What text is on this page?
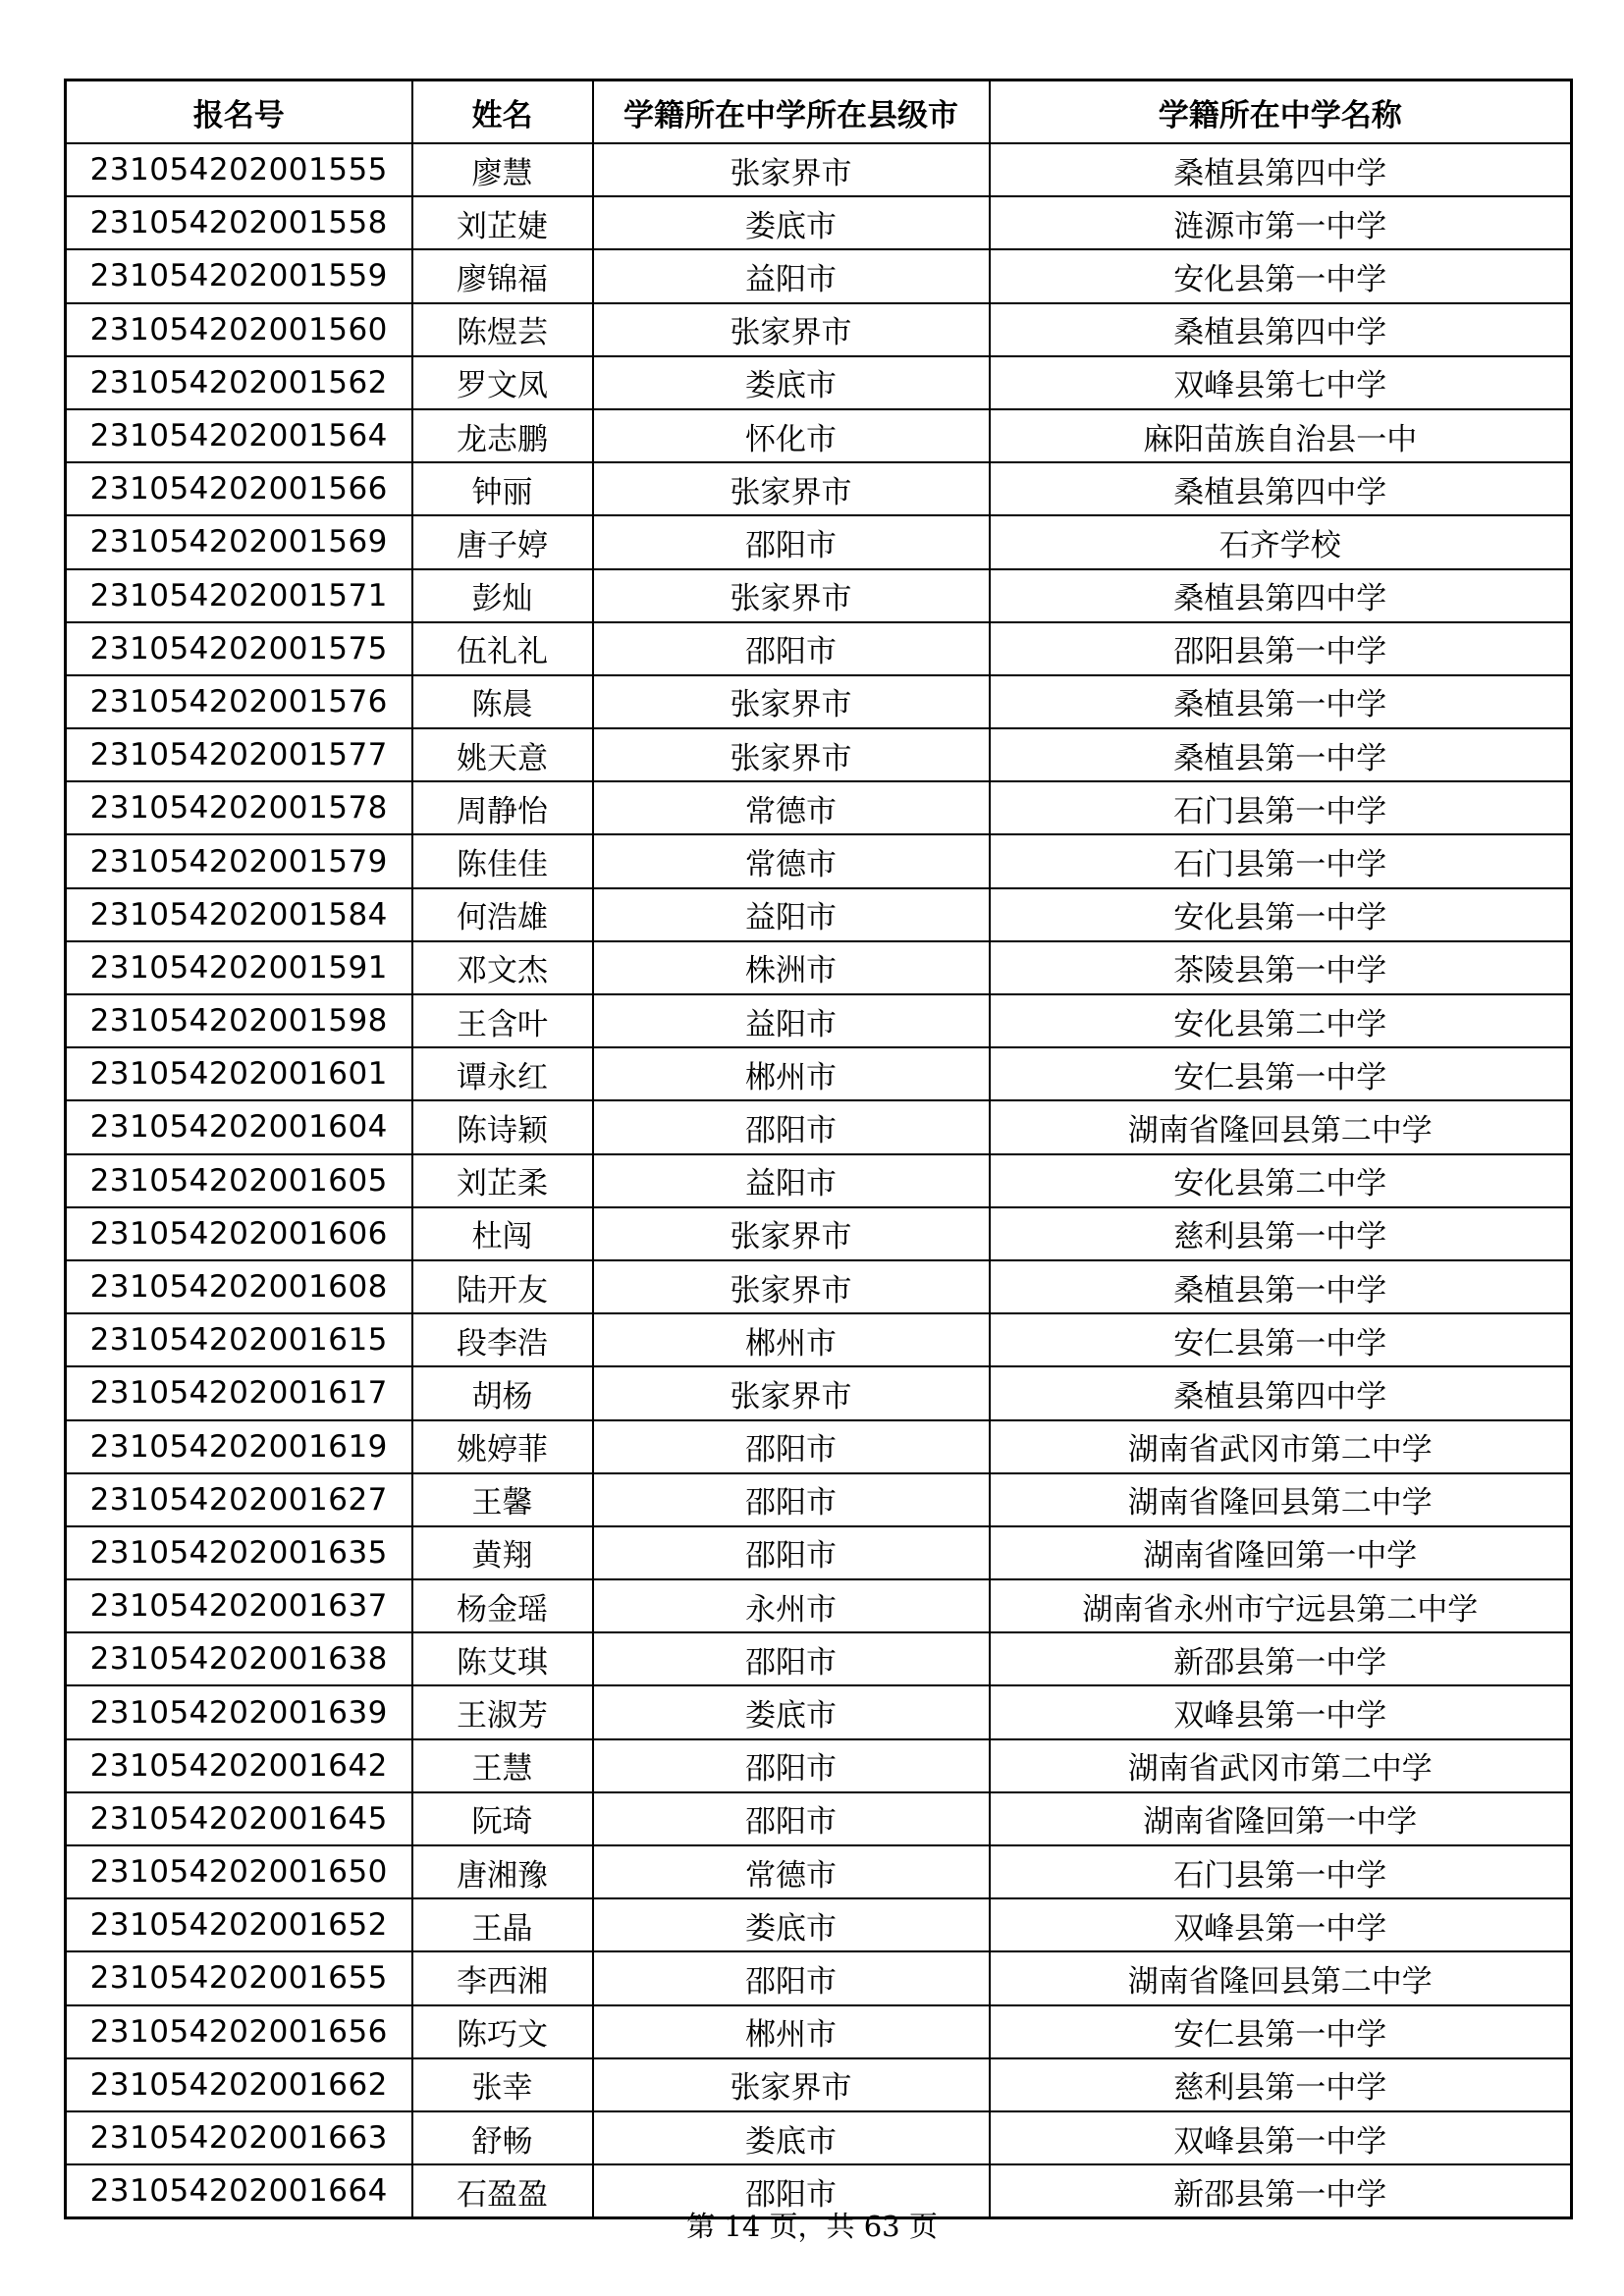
报名号	姓名	学籍所在中学所在县级市	学籍所在中学名称
231054202001555	廖慧	张家界市	桑植县第四中学
231054202001558	刘芷婕	娄底市	涟源市第一中学
231054202001559	廖锦福	益阳市	安化县第一中学
231054202001560	陈煜芸	张家界市	桑植县第四中学
231054202001562	罗文凤	娄底市	双峰县第七中学
231054202001564	龙志鹏	怀化市	麻阳苗族自治县一中
231054202001566	钟丽	张家界市	桑植县第四中学
231054202001569	唐子婷	邵阳市	石齐学校
231054202001571	彭灿	张家界市	桑植县第四中学
231054202001575	伍礼礼	邵阳市	邵阳县第一中学
231054202001576	陈晨	张家界市	桑植县第一中学
231054202001577	姚天意	张家界市	桑植县第一中学
231054202001578	周静怡	常德市	石门县第一中学
231054202001579	陈佳佳	常德市	石门县第一中学
231054202001584	何浩雄	益阳市	安化县第一中学
231054202001591	邓文杰	株洲市	茶陵县第一中学
231054202001598	王含叶	益阳市	安化县第二中学
231054202001601	谭永红	郴州市	安仁县第一中学
231054202001604	陈诗颖	邵阳市	湖南省隆回县第二中学
231054202001605	刘芷柔	益阳市	安化县第二中学
231054202001606	杜闯	张家界市	慈利县第一中学
231054202001608	陆开友	张家界市	桑植县第一中学
231054202001615	段李浩	郴州市	安仁县第一中学
231054202001617	胡杨	张家界市	桑植县第四中学
231054202001619	姚婷菲	邵阳市	湖南省武冈市第二中学
231054202001627	王馨	邵阳市	湖南省隆回县第二中学
231054202001635	黄翔	邵阳市	湖南省隆回第一中学
231054202001637	杨金瑶	永州市	湖南省永州市宁远县第二中学
231054202001638	陈艾琪	邵阳市	新邵县第一中学
231054202001639	王淑芳	娄底市	双峰县第一中学
231054202001642	王慧	邵阳市	湖南省武冈市第二中学
231054202001645	阮琦	邵阳市	湖南省隆回第一中学
231054202001650	唐湘豫	常德市	石门县第一中学
231054202001652	王晶	娄底市	双峰县第一中学
231054202001655	李西湘	邵阳市	湖南省隆回县第二中学
231054202001656	陈巧文	郴州市	安仁县第一中学
231054202001662	张幸	张家界市	慈利县第一中学
231054202001663	舒畅	娄底市	双峰县第一中学
231054202001664	石盈盈	邵阳市	新邵县第一中学
第 14 页，共 63 页
